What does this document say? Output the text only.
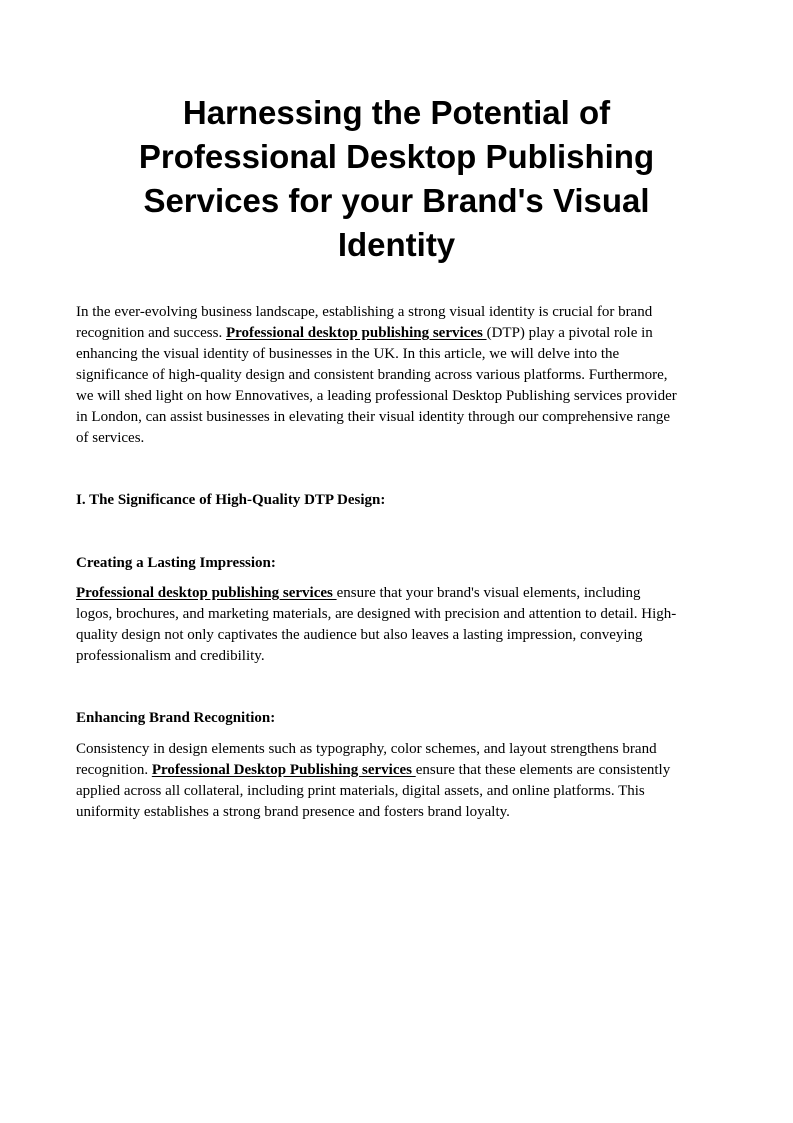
Harnessing the Potential of
Professional Desktop Publishing
Services for your Brand's Visual
Identity

In the ever-evolving business landscape, establishing a strong visual identity is crucial for brand
recognition and success. Professional desktop publishing services (DTP) play a pivotal role in
enhancing the visual identity of businesses in the UK. In this article, we will delve into the
significance of high-quality design and consistent branding across various platforms. Furthermore,
we will shed light on how Ennovatives, a leading professional Desktop Publishing services provider
in London, can assist businesses in elevating their visual identity through our comprehensive range
of services.

I. The Significance of High-Quality DTP Design:
Creating a Lasting Impression:

Professional desktop publishing services ensure that your brand's visual elements, including
logos, brochures, and marketing materials, are designed with precision and attention to detail. High-
quality design not only captivates the audience but also leaves a lasting impression, conveying
professionalism and credibility.

Enhancing Brand Recognition:

Consistency in design elements such as typography, color schemes, and layout strengthens brand
recognition. Professional Desktop Publishing services ensure that these elements are consistently
applied across all collateral, including print materials, digital assets, and online platforms. This
uniformity establishes a strong brand presence and fosters brand loyalty.
